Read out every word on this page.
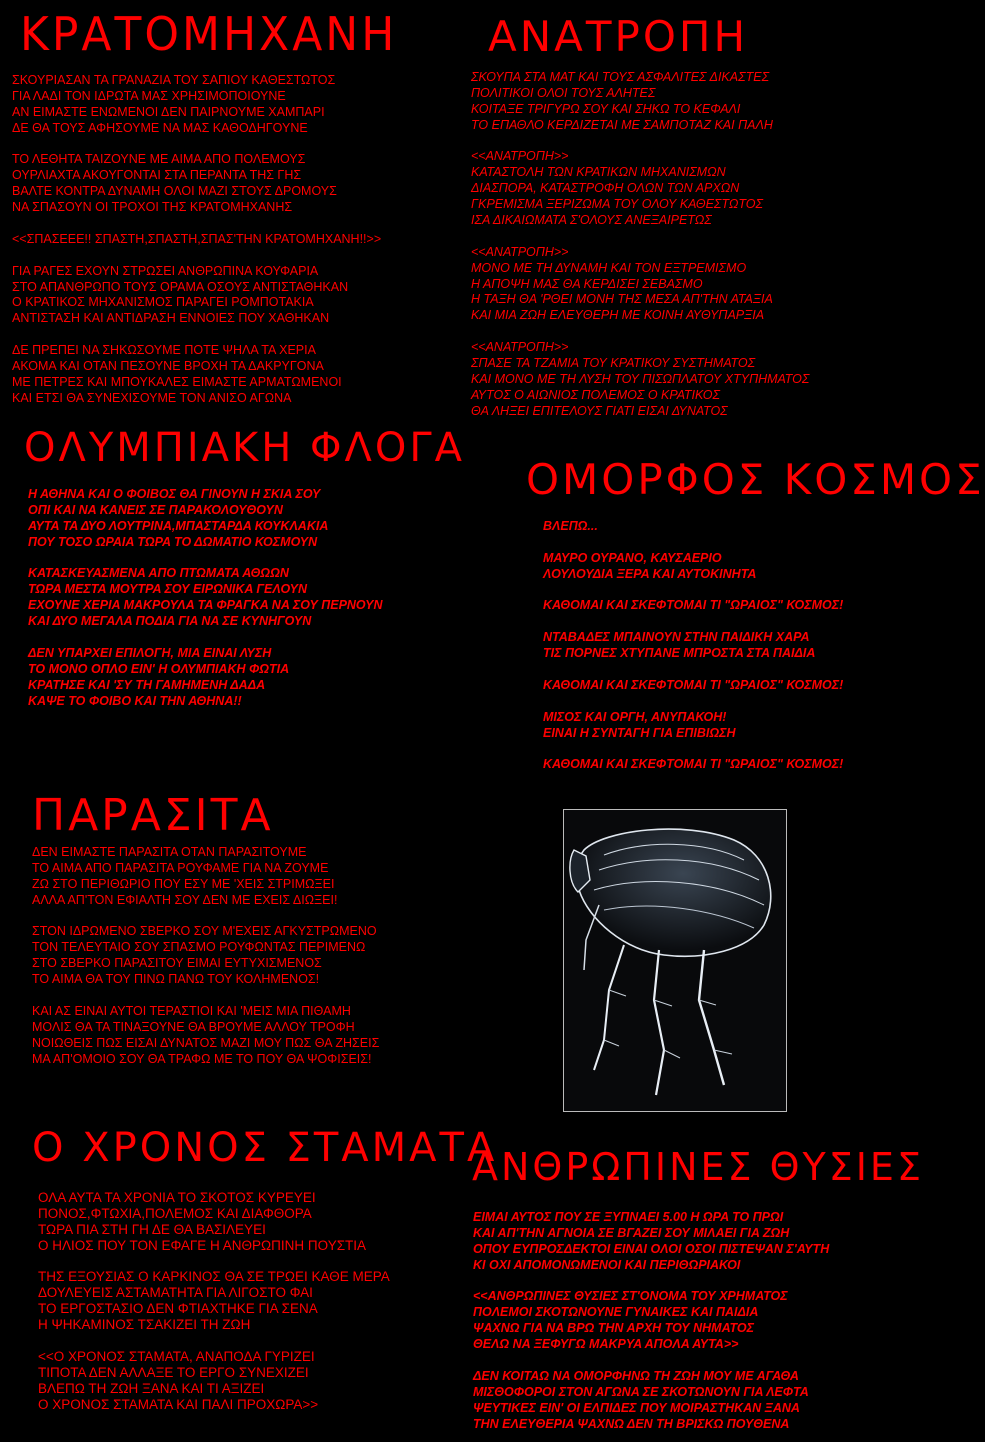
ΚΡΑΤΟΜΗΧΑΝΗ ΑΝΑΤΡΟΠΗ
ΟΛΥΜΠΙΑΚΗ ΦΛΟΓΑ
ΟΜΟΡΦΟΣ ΚΟΣΜΟΣ
ΠΑΡΑΣΙΤΑ
Ο ΧΡΟΝΟΣ ΣΤΑΜΑΤΑ
ΑΝΘΡΩΠΙΝΕΣ ΘΥΣΙΕΣ
ΣΚΟΥΡΙΑΣΑΝ ΤΑ ΓΡΑΝΑΖΙΑ ΤΟΥ ΣΑΠΙΟΥ ΚΑΘΕΣΤΩΤΟΣ
ΓΙΑ ΛΑΔΙ ΤΟΝ ΙΔΡΩΤΑ ΜΑΣ ΧΡΗΣΙΜΟΠΟΙΟΥΝΕ
ΑΝ ΕΙΜΑΣΤΕ ΕΝΩΜΕΝΟΙ ΔΕΝ ΠΑΙΡΝΟΥΜΕ ΧΑΜΠΑΡΙ
ΔΕ ΘΑ ΤΟΥΣ ΑΦΗΣΟΥΜΕ ΝΑ ΜΑΣ ΚΑΘΟΔΗΓΟΥΝΕ
ΤΟ ΛΕΘΗΤΑ ΤΑΙΖΟΥΝΕ ΜΕ ΑΙΜΑ ΑΠΟ ΠΟΛΕΜΟΥΣ
ΟΥΡΛΙΑΧΤΑ ΑΚΟΥΓΟΝΤΑΙ ΣΤΑ ΠΕΡΑΝΤΑ ΤΗΣ ΓΗΣ
ΒΑΛΤΕ ΚΟΝΤΡΑ ΔΥΝΑΜΗ ΟΛΟΙ ΜΑΖΙ ΣΤΟΥΣ ΔΡΟΜΟΥΣ
ΝΑ ΣΠΑΣΟΥΝ ΟΙ ΤΡΟΧΟΙ ΤΗΣ ΚΡΑΤΟΜΗΧΑΝΗΣ
<<ΣΠΑΣΕΕΕ!! ΣΠΑΣΤΗ,ΣΠΑΣΤΗ,ΣΠΑΣ'ΤΗΝ ΚΡΑΤΟΜΗΧΑΝΗ!!>>
ΓΙΑ ΡΑΓΕΣ ΕΧΟΥΝ ΣΤΡΩΣΕΙ ΑΝΘΡΩΠΙΝΑ ΚΟΥΦΑΡΙΑ
ΣΤΟ ΑΠΑΝΘΡΩΠΟ ΤΟΥΣ ΟΡΑΜΑ ΟΣΟΥΣ ΑΝΤΙΣΤΑΘΗΚΑΝ
Ο ΚΡΑΤΙΚΟΣ ΜΗΧΑΝΙΣΜΟΣ ΠΑΡΑΓΕΙ ΡΟΜΠΟΤΑΚΙΑ
ΑΝΤΙΣΤΑΣΗ ΚΑΙ ΑΝΤΙΔΡΑΣΗ ΕΝΝΟΙΕΣ ΠΟΥ ΧΑΘΗΚΑΝ
ΔΕ ΠΡΕΠΕΙ ΝΑ ΣΗΚΩΣΟΥΜΕ ΠΟΤΕ ΨΗΛΑ ΤΑ ΧΕΡΙΑ
ΑΚΟΜΑ ΚΑΙ ΟΤΑΝ ΠΕΣΟΥΝΕ ΒΡΟΧΗ ΤΑ ΔΑΚΡΥΓΟΝΑ
ΜΕ ΠΕΤΡΕΣ ΚΑΙ ΜΠΟΥΚΑΛΕΣ ΕΙΜΑΣΤΕ ΑΡΜΑΤΩΜΕΝΟΙ
ΚΑΙ ΕΤΣΙ ΘΑ ΣΥΝΕΧΙΣΟΥΜΕ ΤΟΝ ΑΝΙΣΟ ΑΓΩΝΑ
ΣΚΟΥΠΑ ΣΤΑ ΜΑΤ ΚΑΙ ΤΟΥΣ ΑΣΦΑΛΙΤΕΣ ΔΙΚΑΣΤΕΣ
ΠΟΛΙΤΙΚΟΙ ΟΛΟΙ ΤΟΥΣ ΑΛΗΤΕΣ
ΚΟΙΤΑΞΕ ΤΡΙΓΥΡΩ ΣΟΥ ΚΑΙ ΣΗΚΩ ΤΟ ΚΕΦΑΛΙ
ΤΟ ΕΠΑΘΛΟ ΚΕΡΔΙΖΕΤΑΙ ΜΕ ΣΑΜΠΟΤΑΖ ΚΑΙ ΠΑΛΗ
<<ΑΝΑΤΡΟΠΗ>>
ΚΑΤΑΣΤΟΛΗ ΤΩΝ ΚΡΑΤΙΚΩΝ ΜΗΧΑΝΙΣΜΩΝ
ΔΙΑΣΠΟΡΑ, ΚΑΤΑΣΤΡΟΦΗ ΟΛΩΝ ΤΩΝ ΑΡΧΩΝ
ΓΚΡΕΜΙΣΜΑ ΞΕΡΙΖΩΜΑ ΤΟΥ ΟΛΟΥ ΚΑΘΕΣΤΩΤΟΣ
ΙΣΑ ΔΙΚΑΙΩΜΑΤΑ Σ'ΟΛΟΥΣ ΑΝΕΞΑΙΡΕΤΩΣ
<<ΑΝΑΤΡΟΠΗ>>
ΜΟΝΟ ΜΕ ΤΗ ΔΥΝΑΜΗ ΚΑΙ ΤΟΝ ΕΞΤΡΕΜΙΣΜΟ
Η ΑΠΟΨΗ ΜΑΣ ΘΑ ΚΕΡΔΙΣΕΙ ΣΕΒΑΣΜΟ
Η ΤΑΞΗ ΘΑ 'ΡΘΕΙ ΜΟΝΗ ΤΗΣ ΜΕΣΑ ΑΠ'ΤΗΝ ΑΤΑΞΙΑ
ΚΑΙ ΜΙΑ ΖΩΗ ΕΛΕΥΘΕΡΗ ΜΕ ΚΟΙΝΗ ΑΥΘΥΠΑΡΞΙΑ
<<ΑΝΑΤΡΟΠΗ>>
ΣΠΑΣΕ ΤΑ ΤΖΑΜΙΑ ΤΟΥ ΚΡΑΤΙΚΟΥ ΣΥΣΤΗΜΑΤΟΣ
ΚΑΙ ΜΟΝΟ ΜΕ ΤΗ ΛΥΣΗ ΤΟΥ ΠΙΣΩΠΛΑΤΟΥ ΧΤΥΠΗΜΑΤΟΣ
ΑΥΤΟΣ Ο ΑΙΩΝΙΟΣ ΠΟΛΕΜΟΣ Ο ΚΡΑΤΙΚΟΣ
ΘΑ ΛΗΞΕΙ ΕΠΙΤΕΛΟΥΣ ΓΙΑΤΙ ΕΙΣΑΙ ΔΥΝΑΤΟΣ
Η ΑΘΗΝΑ ΚΑΙ Ο ΦΟΙΒΟΣ ΘΑ ΓΙΝΟΥΝ Η ΣΚΙΑ ΣΟΥ
ΟΠΙ ΚΑΙ ΝΑ ΚΑΝΕΙΣ ΣΕ ΠΑΡΑΚΟΛΟΥΘΟΥΝ
ΑΥΤΑ ΤΑ ΔΥΟ ΛΟΥΤΡΙΝΑ,ΜΠΑΣΤΑΡΔΑ ΚΟΥΚΛΑΚΙΑ
ΠΟΥ ΤΟΣΟ ΩΡΑΙΑ ΤΩΡΑ ΤΟ ΔΩΜΑΤΙΟ ΚΟΣΜΟΥΝ
ΚΑΤΑΣΚΕΥΑΣΜΕΝΑ ΑΠΟ ΠΤΩΜΑΤΑ ΑΘΩΩΝ
ΤΩΡΑ ΜΕΣΤΑ ΜΟΥΤΡΑ ΣΟΥ ΕΙΡΩΝΙΚΑ ΓΕΛΟΥΝ
ΕΧΟΥΝΕ ΧΕΡΙΑ ΜΑΚΡΟΥΛΑ ΤΑ ΦΡΑΓΚΑ ΝΑ ΣΟΥ ΠΕΡΝΟΥΝ
ΚΑΙ ΔΥΟ ΜΕΓΑΛΑ ΠΟΔΙΑ ΓΙΑ ΝΑ ΣΕ ΚΥΝΗΓΟΥΝ
ΔΕΝ ΥΠΑΡΧΕΙ ΕΠΙΛΟΓΗ, ΜΙΑ ΕΙΝΑΙ ΛΥΣΗ
ΤΟ ΜΟΝΟ ΟΠΛΟ ΕΙΝ' Η ΟΛΥΜΠΙΑΚΗ ΦΩΤΙΑ
ΚΡΑΤΗΣΕ ΚΑΙ 'ΣΥ ΤΗ ΓΑΜΗΜΕΝΗ ΔΑΔΑ
ΚΑΨΕ ΤΟ ΦΟΙΒΟ ΚΑΙ ΤΗΝ ΑΘΗΝΑ!!
ΒΛΕΠΩ...
ΜΑΥΡΟ ΟΥΡΑΝΟ, ΚΑΥΣΑΕΡΙΟ
ΛΟΥΛΟΥΔΙΑ ΞΕΡΑ ΚΑΙ ΑΥΤΟΚΙΝΗΤΑ
ΚΑΘΟΜΑΙ ΚΑΙ ΣΚΕΦΤΟΜΑΙ ΤΙ "ΩΡΑΙΟΣ" ΚΟΣΜΟΣ!
ΝΤΑΒΑΔΕΣ ΜΠΑΙΝΟΥΝ ΣΤΗΝ ΠΑΙΔΙΚΗ ΧΑΡΑ
ΤΙΣ ΠΟΡΝΕΣ ΧΤΥΠΑΝΕ ΜΠΡΟΣΤΑ ΣΤΑ ΠΑΙΔΙΑ
ΚΑΘΟΜΑΙ ΚΑΙ ΣΚΕΦΤΟΜΑΙ ΤΙ "ΩΡΑΙΟΣ" ΚΟΣΜΟΣ!
ΜΙΣΟΣ ΚΑΙ ΟΡΓΗ, ΑΝΥΠΑΚΟΗ!
ΕΙΝΑΙ Η ΣΥΝΤΑΓΗ ΓΙΑ ΕΠΙΒΙΩΣΗ
ΚΑΘΟΜΑΙ ΚΑΙ ΣΚΕΦΤΟΜΑΙ ΤΙ "ΩΡΑΙΟΣ" ΚΟΣΜΟΣ!
ΔΕΝ ΕΙΜΑΣΤΕ ΠΑΡΑΣΙΤΑ ΟΤΑΝ ΠΑΡΑΣΙΤΟΥΜΕ
ΤΟ ΑΙΜΑ ΑΠΟ ΠΑΡΑΣΙΤΑ ΡΟΥΦΑΜΕ ΓΙΑ ΝΑ ΖΟΥΜΕ
ΖΩ ΣΤΟ ΠΕΡΙΘΩΡΙΟ ΠΟΥ ΕΣΥ ΜΕ 'ΧΕΙΣ ΣΤΡΙΜΩΞΕΙ
ΑΛΛΑ ΑΠ'ΤΟΝ ΕΦΙΑΛΤΗ ΣΟΥ ΔΕΝ ΜΕ ΕΧΕΙΣ ΔΙΩΞΕΙ!
ΣΤΟΝ ΙΔΡΩΜΕΝΟ ΣΒΕΡΚΟ ΣΟΥ Μ'ΕΧΕΙΣ ΑΓΚΥΣΤΡΩΜΕΝΟ
ΤΟΝ ΤΕΛΕΥΤΑΙΟ ΣΟΥ ΣΠΑΣΜΟ ΡΟΥΦΩΝΤΑΣ ΠΕΡΙΜΕΝΩ
ΣΤΟ ΣΒΕΡΚΟ ΠΑΡΑΣΙΤΟΥ ΕΙΜΑΙ ΕΥΤΥΧΙΣΜΕΝΟΣ
ΤΟ ΑΙΜΑ ΘΑ ΤΟΥ ΠΙΝΩ ΠΑΝΩ ΤΟΥ ΚΟΛΗΜΕΝΟΣ!
ΚΑΙ ΑΣ ΕΙΝΑΙ ΑΥΤΟΙ ΤΕΡΑΣΤΙΟΙ ΚΑΙ 'ΜΕΙΣ ΜΙΑ ΠΙΘΑΜΗ
ΜΟΛΙΣ ΘΑ ΤΑ ΤΙΝΑΞΟΥΝΕ ΘΑ ΒΡΟΥΜΕ ΑΛΛΟΥ ΤΡΟΦΗ
ΝΟΙΩΘΕΙΣ ΠΩΣ ΕΙΣΑΙ ΔΥΝΑΤΟΣ ΜΑΖΙ ΜΟΥ ΠΩΣ ΘΑ ΖΗΣΕΙΣ
ΜΑ ΑΠ'ΟΜΟΙΟ ΣΟΥ ΘΑ ΤΡΑΦΩ ΜΕ ΤΟ ΠΟΥ ΘΑ ΨΟΦΙΣΕΙΣ!
ΟΛΑ ΑΥΤΑ ΤΑ ΧΡΟΝΙΑ ΤΟ ΣΚΟΤΟΣ ΚΥΡΕΥΕΙ
ΠΟΝΟΣ,ΦΤΩΧΙΑ,ΠΟΛΕΜΟΣ ΚΑΙ ΔΙΑΦΘΟΡΑ
ΤΩΡΑ ΠΙΑ ΣΤΗ ΓΗ ΔΕ ΘΑ ΒΑΣΙΛΕΥΕΙ
Ο ΗΛΙΟΣ ΠΟΥ ΤΟΝ ΕΦΑΓΕ Η ΑΝΘΡΩΠΙΝΗ ΠΟΥΣΤΙΑ
ΤΗΣ ΕΞΟΥΣΙΑΣ Ο ΚΑΡΚΙΝΟΣ ΘΑ ΣΕ ΤΡΩΕΙ ΚΑΘΕ ΜΕΡΑ
ΔΟΥΛΕΥΕΙΣ ΑΣΤΑΜΑΤΗΤΑ ΓΙΑ ΛΙΓΟΣΤΟ ΦΑΙ
ΤΟ ΕΡΓΟΣΤΑΣΙΟ ΔΕΝ ΦΤΙΑΧΤΗΚΕ ΓΙΑ ΣΕΝΑ
Η ΨΗΚΑΜΙΝΟΣ ΤΣΑΚΙΖΕΙ ΤΗ ΖΩΗ
<<Ο ΧΡΟΝΟΣ ΣΤΑΜΑΤΑ, ΑΝΑΠΟΔΑ ΓΥΡΙΖΕΙ
ΤΙΠΟΤΑ ΔΕΝ ΑΛΛΑΞΕ ΤΟ ΕΡΓΟ ΣΥΝΕΧΙΖΕΙ
ΒΛΕΠΩ ΤΗ ΖΩΗ ΞΑΝΑ ΚΑΙ ΤΙ ΑΞΙΖΕΙ
Ο ΧΡΟΝΟΣ ΣΤΑΜΑΤΑ ΚΑΙ ΠΑΛΙ ΠΡΟΧΩΡΑ>>
ΕΙΜΑΙ ΑΥΤΟΣ ΠΟΥ ΣΕ ΞΥΠΝΑΕΙ 5.00 Η ΩΡΑ ΤΟ ΠΡΩΙ
ΚΑΙ ΑΠ'ΤΗΝ ΑΓΝΟΙΑ ΣΕ ΒΓΑΖΕΙ ΣΟΥ ΜΙΛΑΕΙ ΓΙΑ ΖΩΗ
ΟΠΟΥ ΕΥΠΡΟΣΔΕΚΤΟΙ ΕΙΝΑΙ ΟΛΟΙ ΟΣΟΙ ΠΙΣΤΕΨΑΝ Σ'ΑΥΤΗ
ΚΙ ΟΧΙ ΑΠΟΜΟΝΩΜΕΝΟΙ ΚΑΙ ΠΕΡΙΘΩΡΙΑΚΟΙ
<<ΑΝΘΡΩΠΙΝΕΣ ΘΥΣΙΕΣ ΣΤ'ΟΝΟΜΑ ΤΟΥ ΧΡΗΜΑΤΟΣ
ΠΟΛΕΜΟΙ ΣΚΟΤΩΝΟΥΝΕ ΓΥΝΑΙΚΕΣ ΚΑΙ ΠΑΙΔΙΑ
ΨΑΧΝΩ ΓΙΑ ΝΑ ΒΡΩ ΤΗΝ ΑΡΧΗ ΤΟΥ ΝΗΜΑΤΟΣ
ΘΕΛΩ ΝΑ ΞΕΦΥΓΩ ΜΑΚΡΥΑ ΑΠΟΛΑ ΑΥΤΑ>>
ΔΕΝ ΚΟΙΤΑΩ ΝΑ ΟΜΟΡΦΗΝΩ ΤΗ ΖΩΗ ΜΟΥ ΜΕ ΑΓΑΘΑ
ΜΙΣΘΟΦΟΡΟΙ ΣΤΟΝ ΑΓΩΝΑ ΣΕ ΣΚΟΤΩΝΟΥΝ ΓΙΑ ΛΕΦΤΑ
ΨΕΥΤΙΚΕΣ ΕΙΝ' ΟΙ ΕΛΠΙΔΕΣ ΠΟΥ ΜΟΙΡΑΣΤΗΚΑΝ ΞΑΝΑ
ΤΗΝ ΕΛΕΥΘΕΡΙΑ ΨΑΧΝΩ ΔΕΝ ΤΗ ΒΡΙΣΚΩ ΠΟΥΘΕΝΑ
